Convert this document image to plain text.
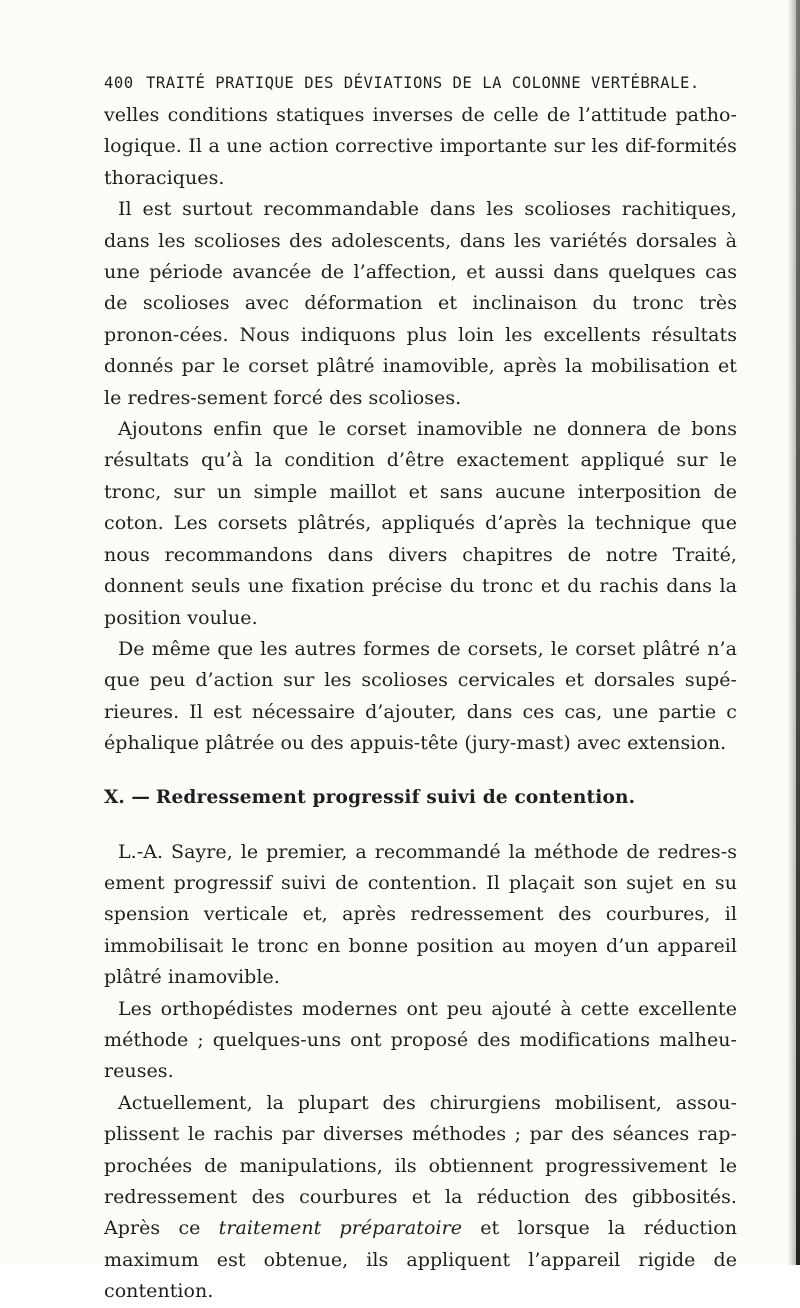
400 TRAITÉ PRATIQUE DES DÉVIATIONS DE LA COLONNE VERTÉBRALE.

velles conditions statiques inverses de celle de l’attitude patho-logique. Il a une action corrective importante sur les dif-formités thoraciques.

Il est surtout recommandable dans les scolioses rachitiques, dans les scolioses des adolescents, dans les variétés dorsales à une période avancée de l’affection, et aussi dans quelques cas de scolioses avec déformation et inclinaison du tronc très pronon-cées. Nous indiquons plus loin les excellents résultats donnés par le corset plâtré inamovible, après la mobilisation et le redres-sement forcé des scolioses.

Ajoutons enfin que le corset inamovible ne donnera de bons résultats qu’à la condition d’être exactement appliqué sur le tronc, sur un simple maillot et sans aucune interposition de coton. Les corsets plâtrés, appliqués d’après la technique que nous recommandons dans divers chapitres de notre Traité, donnent seuls une fixation précise du tronc et du rachis dans la position voulue.

De même que les autres formes de corsets, le corset plâtré n’a que peu d’action sur les scolioses cervicales et dorsales supé-rieures. Il est nécessaire d’ajouter, dans ces cas, une partie c éphalique plâtrée ou des appuis-tête (jury-mast) avec extension.

X. — Redressement progressif suivi de contention.

L.-A. Sayre, le premier, a recommandé la méthode de redres-s ement progressif suivi de contention. Il plaçait son sujet en su spension verticale et, après redressement des courbures, il immobilisait le tronc en bonne position au moyen d’un appareil plâtré inamovible.

Les orthopédistes modernes ont peu ajouté à cette excellente méthode ; quelques-uns ont proposé des modifications malheu-reuses.

Actuellement, la plupart des chirurgiens mobilisent, assou-plissent le rachis par diverses méthodes ; par des séances rap-prochées de manipulations, ils obtiennent progressivement le redressement des courbures et la réduction des gibbosités. Après ce traitement préparatoire et lorsque la réduction maximum est obtenue, ils appliquent l’appareil rigide de contention.
